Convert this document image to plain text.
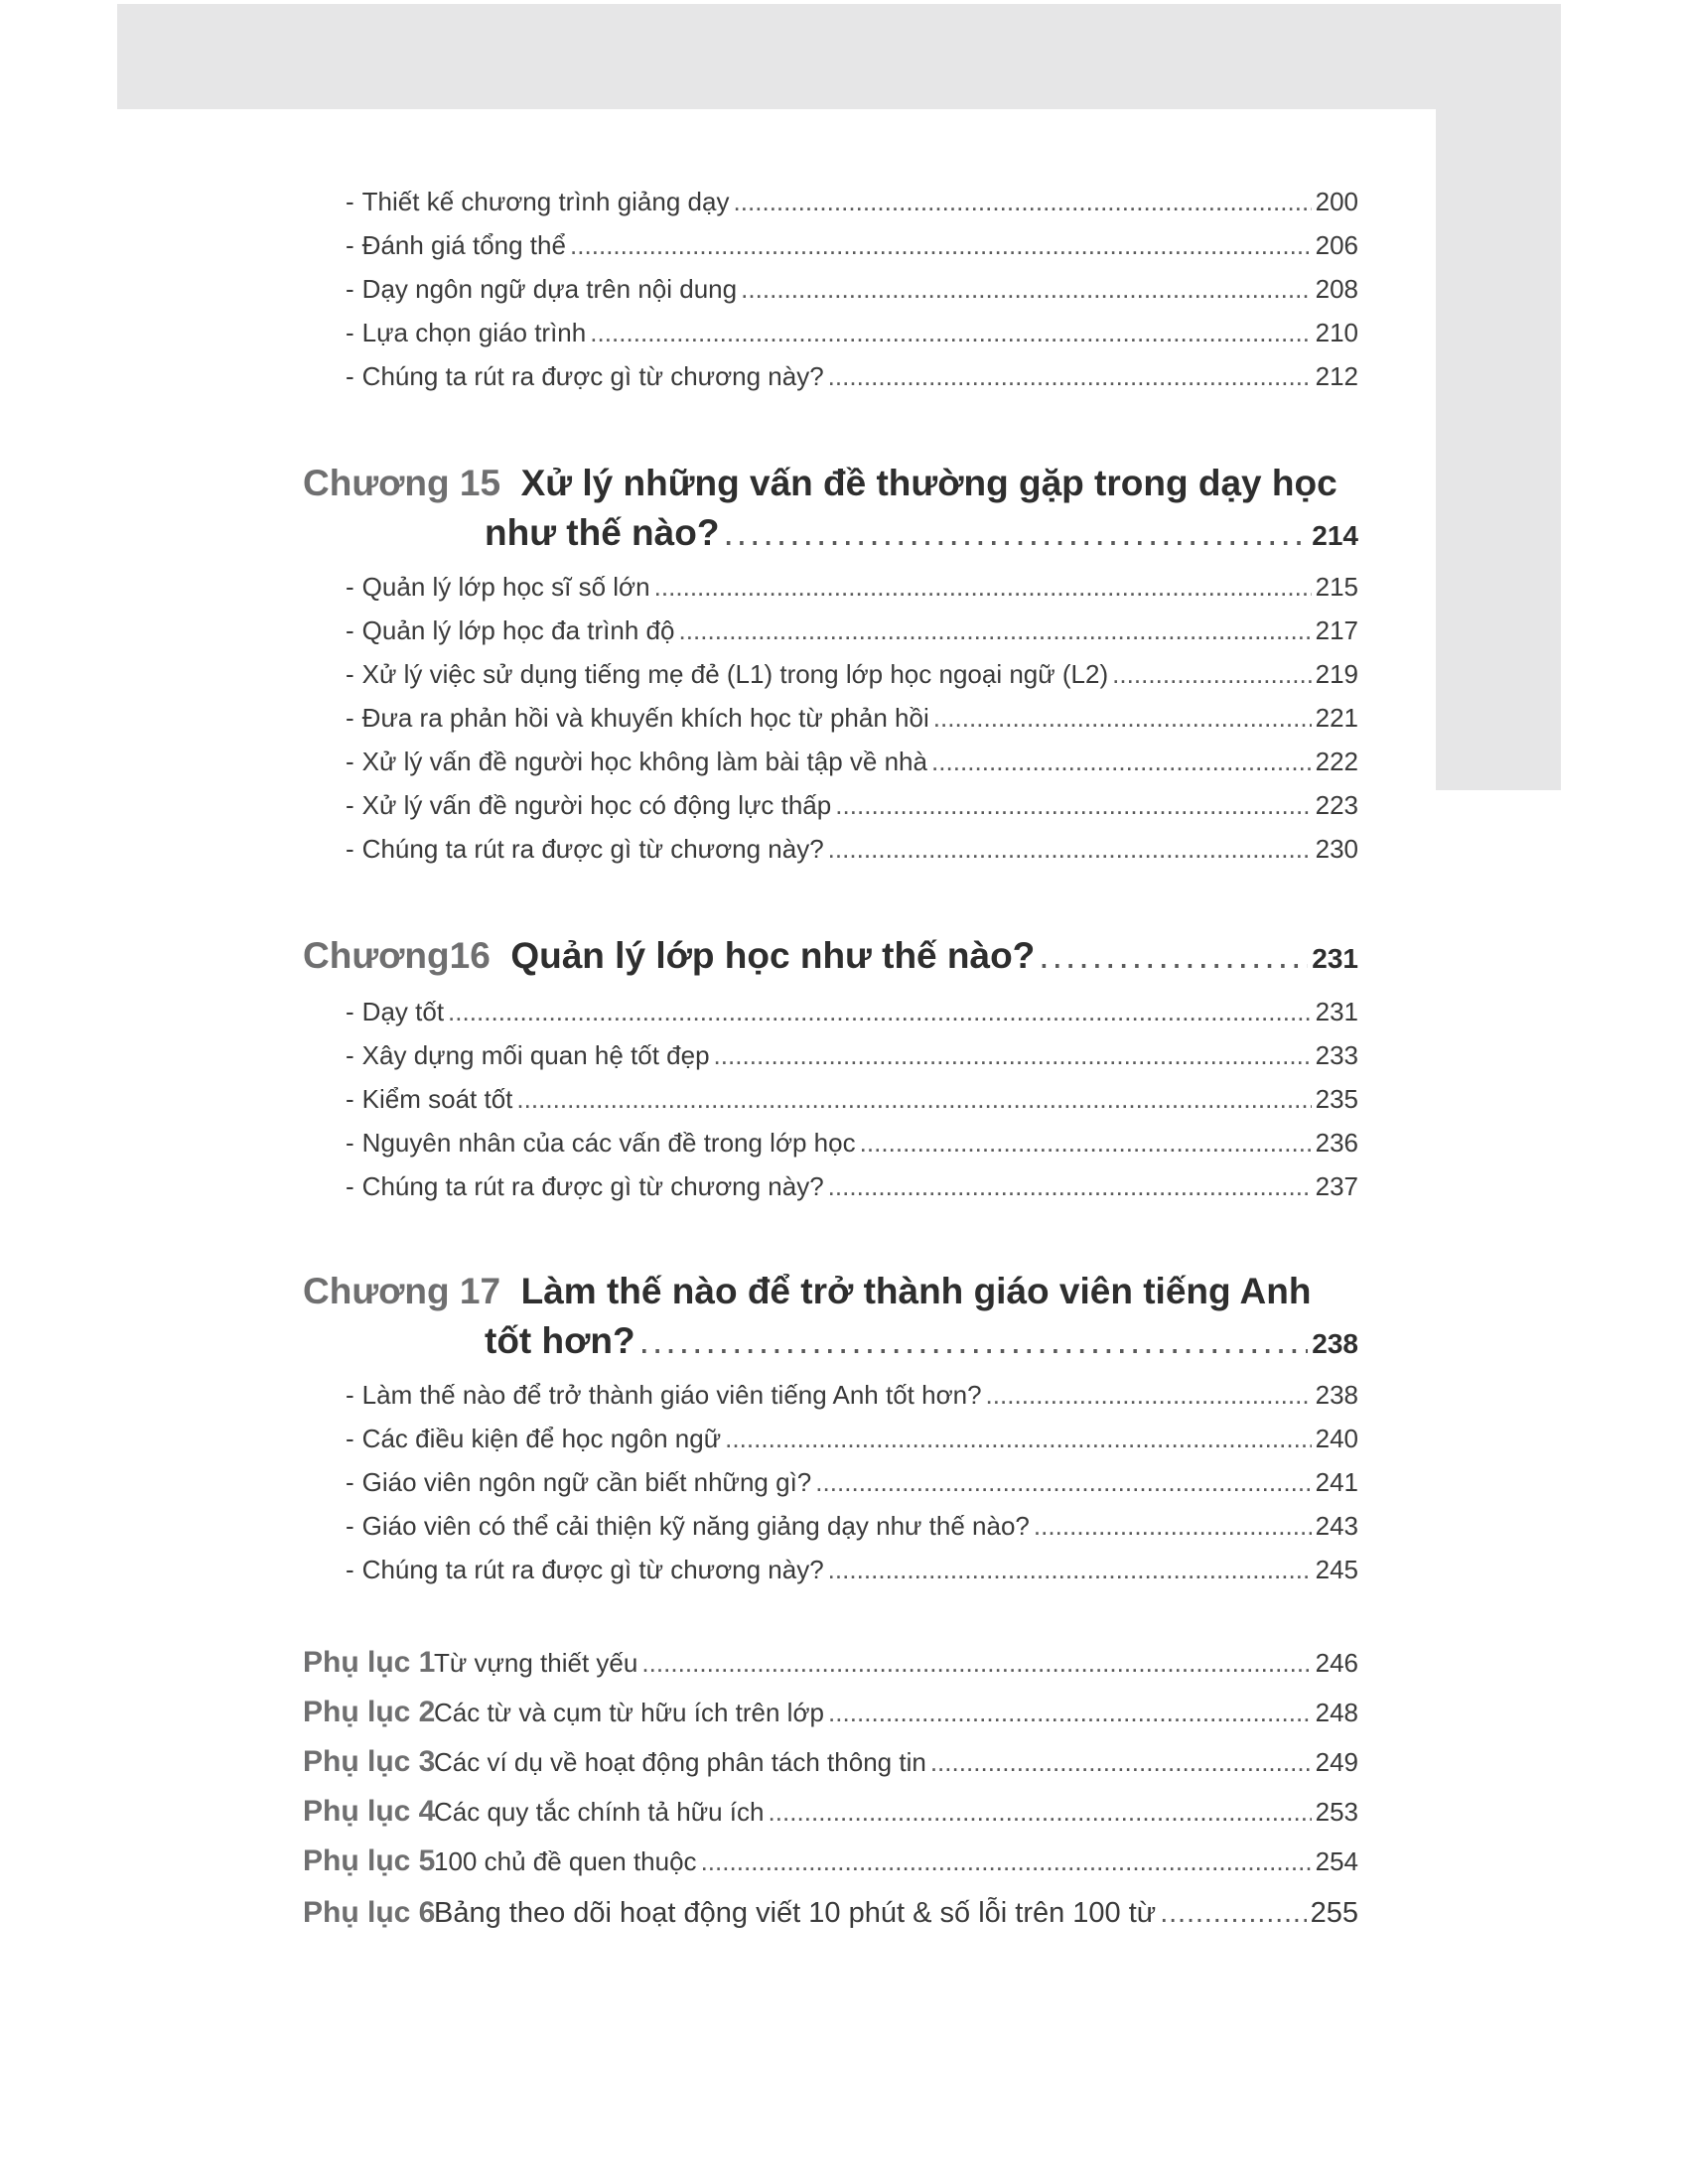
- Thiết kế chương trình giảng dạy . . .	200
- Đánh giá tổng thể . . .	206
- Dạy ngôn ngữ dựa trên nội dung . . .	208
- Lựa chọn giáo trình . . .	210
- Chúng ta rút ra được gì từ chương này? . . .	212
Chương 15 Xử lý những vấn đề thường gặp trong dạy học
như thế nào? . . .	214
- Quản lý lớp học sĩ số lớn . . .	215
- Quản lý lớp học đa trình độ . . .	217
- Xử lý việc sử dụng tiếng mẹ đẻ (L1) trong lớp học ngoại ngữ (L2) . . .	219
- Đưa ra phản hồi và khuyến khích học từ phản hồi . . .	221
- Xử lý vấn đề người học không làm bài tập về nhà . . .	222
- Xử lý vấn đề người học có động lực thấp . . .	223
- Chúng ta rút ra được gì từ chương này? . . .	230
Chương16 Quản lý lớp học như thế nào? . . .	231
- Dạy tốt . . .	231
- Xây dựng mối quan hệ tốt đẹp . . .	233
- Kiểm soát tốt . . .	235
- Nguyên nhân của các vấn đề trong lớp học . . .	236
- Chúng ta rút ra được gì từ chương này? . . .	237
Chương 17 Làm thế nào để trở thành giáo viên tiếng Anh
tốt hơn? . . .	238
- Làm thế nào để trở thành giáo viên tiếng Anh tốt hơn? . . .	238
- Các điều kiện để học ngôn ngữ . . .	240
- Giáo viên ngôn ngữ cần biết những gì? . . .	241
- Giáo viên có thể cải thiện kỹ năng giảng dạy như thế nào? . . .	243
- Chúng ta rút ra được gì từ chương này? . . .	245
Phụ lục 1Từ vựng thiết yếu . . .	246
Phụ lục 2Các từ và cụm từ hữu ích trên lớp . . .	248
Phụ lục 3Các ví dụ về hoạt động phân tách thông tin . . .	249
Phụ lục 4Các quy tắc chính tả hữu ích . . .	253
Phụ lục 5100 chủ đề quen thuộc . . .	254
Phụ lục 6Bảng theo dõi hoạt động viết 10 phút & số lỗi trên 100 từ . . .	255
